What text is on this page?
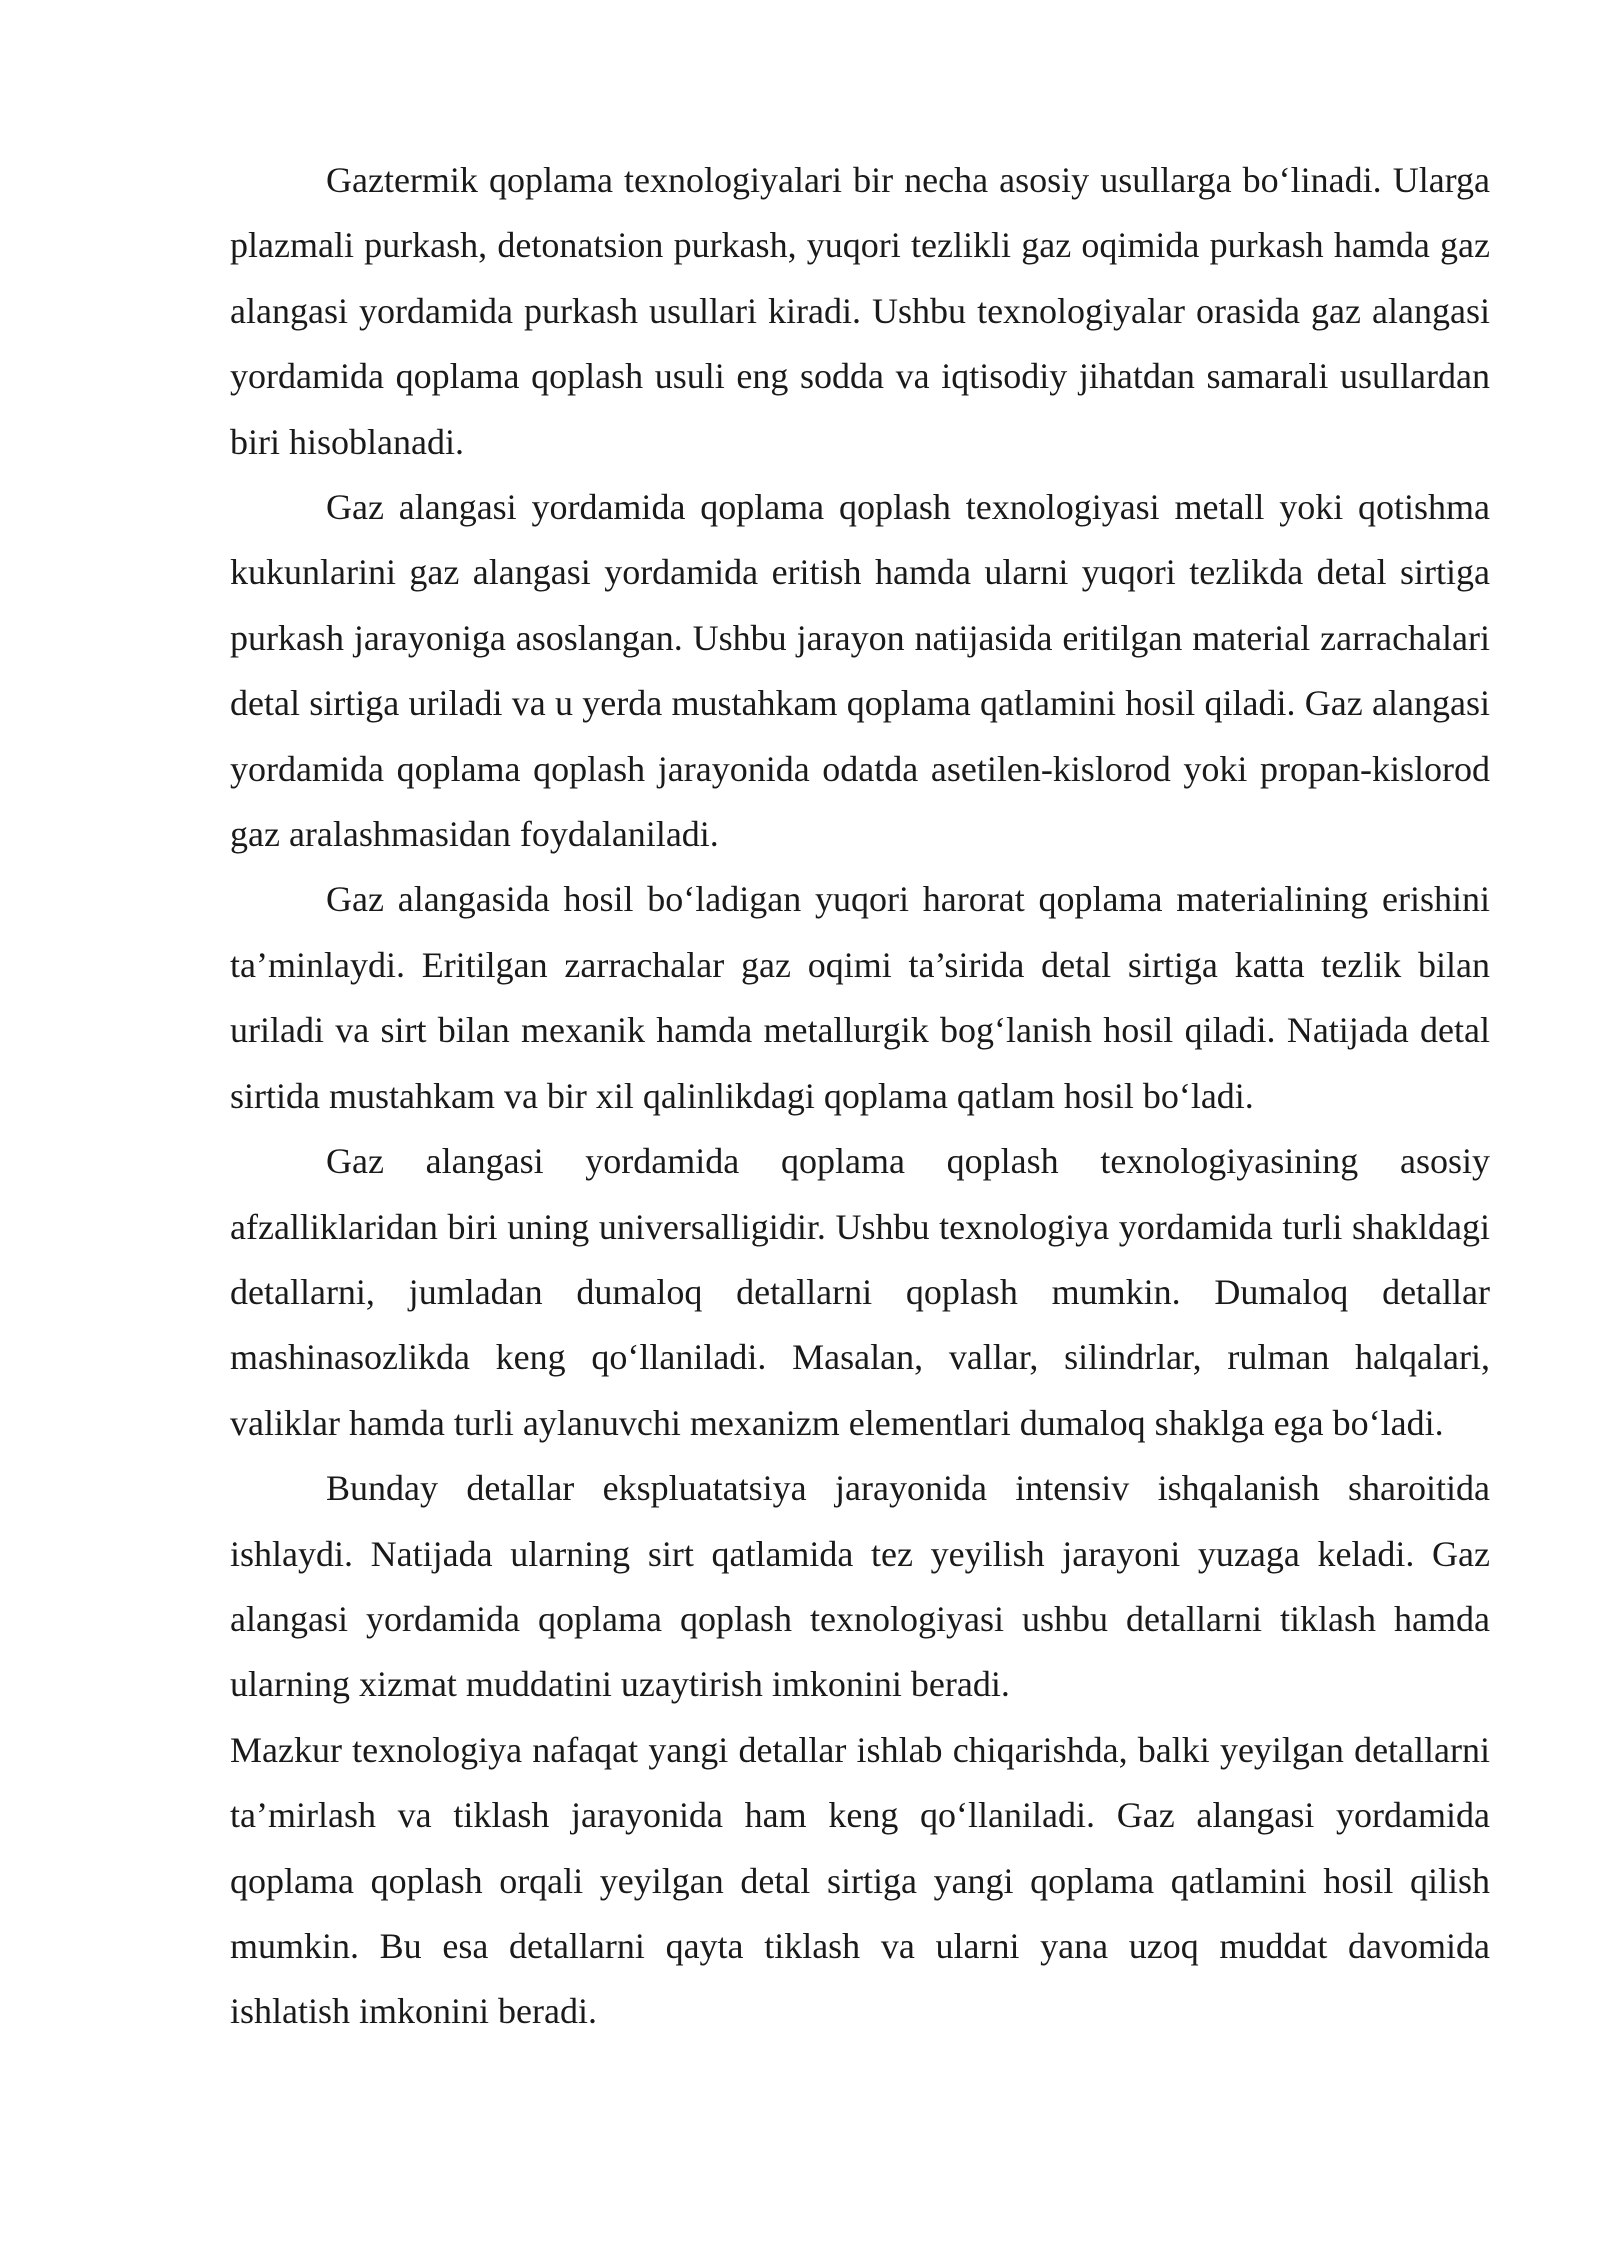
Gaztermik qoplama texnologiyalari bir necha asosiy usullarga bo‘linadi. Ularga plazmali purkash, detonatsion purkash, yuqori tezlikli gaz oqimida purkash hamda gaz alangasi yordamida purkash usullari kiradi. Ushbu texnologiyalar orasida gaz alangasi yordamida qoplama qoplash usuli eng sodda va iqtisodiy jihatdan samarali usullardan biri hisoblanadi.

Gaz alangasi yordamida qoplama qoplash texnologiyasi metall yoki qotishma kukunlarini gaz alangasi yordamida eritish hamda ularni yuqori tezlikda detal sirtiga purkash jarayoniga asoslangan. Ushbu jarayon natijasida eritilgan material zarrachalari detal sirtiga uriladi va u yerda mustahkam qoplama qatlamini hosil qiladi. Gaz alangasi yordamida qoplama qoplash jarayonida odatda asetilen-kislorod yoki propan-kislorod gaz aralashmasidan foydalaniladi.

Gaz alangasida hosil bo‘ladigan yuqori harorat qoplama materialining erishini ta’minlaydi. Eritilgan zarrachalar gaz oqimi ta’sirida detal sirtiga katta tezlik bilan uriladi va sirt bilan mexanik hamda metallurgik bog‘lanish hosil qiladi. Natijada detal sirtida mustahkam va bir xil qalinlikdagi qoplama qatlam hosil bo‘ladi.

Gaz alangasi yordamida qoplama qoplash texnologiyasining asosiy afzalliklaridan biri uning universalligidir. Ushbu texnologiya yordamida turli shakldagi detallarni, jumladan dumaloq detallarni qoplash mumkin. Dumaloq detallar mashinasozlikda keng qo‘llaniladi. Masalan, vallar, silindrlar, rulman halqalari, valiklar hamda turli aylanuvchi mexanizm elementlari dumaloq shaklga ega bo‘ladi.

Bunday detallar ekspluatatsiya jarayonida intensiv ishqalanish sharoitida ishlaydi. Natijada ularning sirt qatlamida tez yeyilish jarayoni yuzaga keladi. Gaz alangasi yordamida qoplama qoplash texnologiyasi ushbu detallarni tiklash hamda ularning xizmat muddatini uzaytirish imkonini beradi.

Mazkur texnologiya nafaqat yangi detallar ishlab chiqarishda, balki yeyilgan detallarni ta’mirlash va tiklash jarayonida ham keng qo‘llaniladi. Gaz alangasi yordamida qoplama qoplash orqali yeyilgan detal sirtiga yangi qoplama qatlamini hosil qilish mumkin. Bu esa detallarni qayta tiklash va ularni yana uzoq muddat davomida ishlatish imkonini beradi.
